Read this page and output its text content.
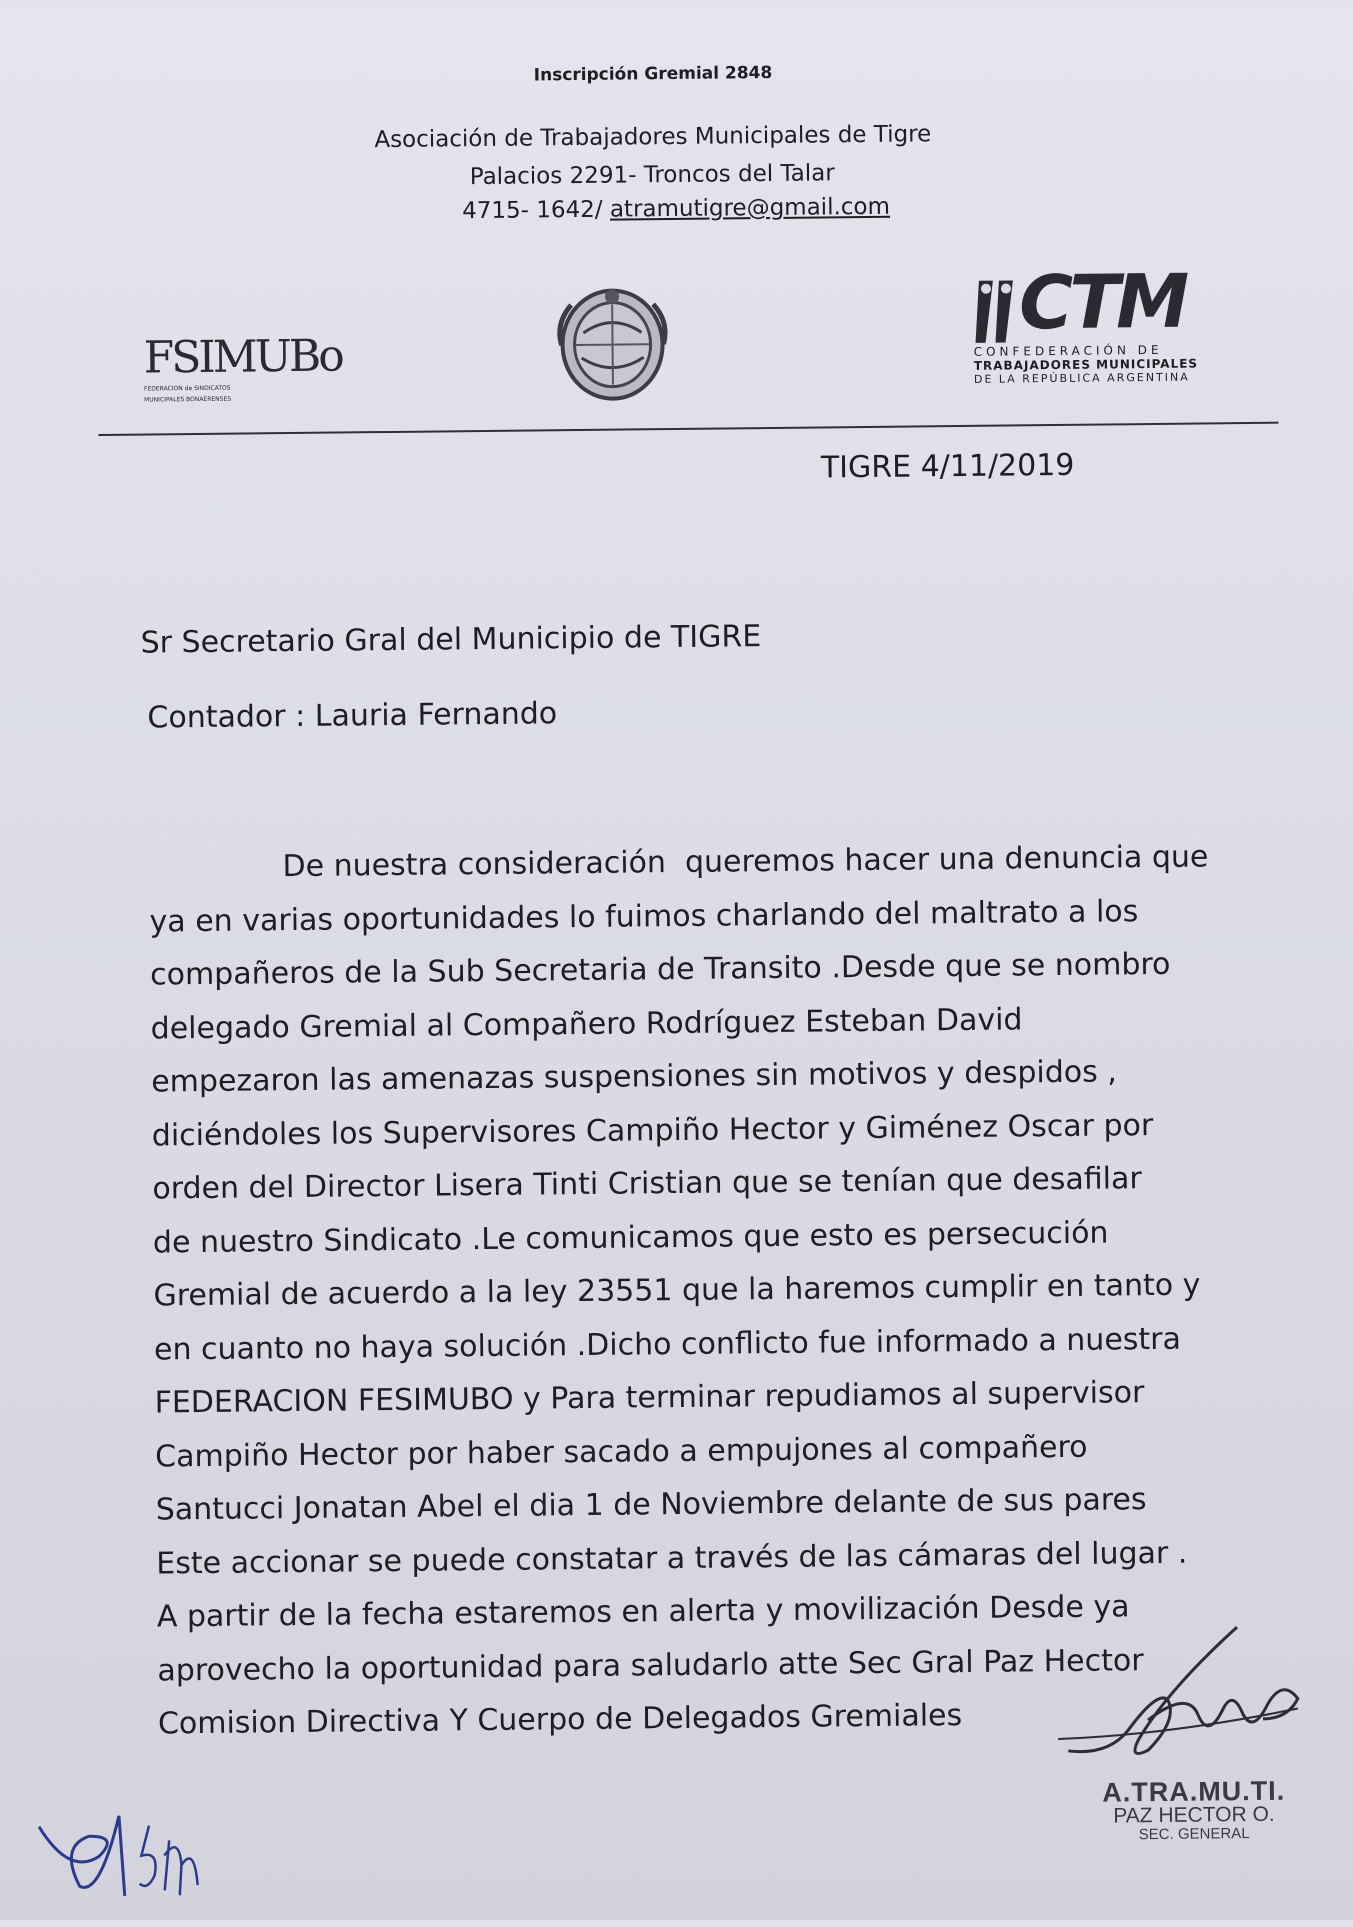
Inscripción Gremial 2848
Asociación de Trabajadores Municipales de Tigre
Palacios 2291- Troncos del Talar
4715- 1642/ atramutigre@gmail.com
FSIMUBo
FEDERACION de SINDICATOS
MUNICIPALES BONAERENSES
CTM
CONFEDERACIÓN DE
TRABAJADORES MUNICIPALES
DE LA REPÚBLICA ARGENTINA
TIGRE 4/11/2019
Sr Secretario Gral del Municipio de TIGRE
Contador : Lauria Fernando
De nuestra consideración  queremos hacer una denuncia que
ya en varias oportunidades lo fuimos charlando del maltrato a los
compañeros de la Sub Secretaria de Transito .Desde que se nombro
delegado Gremial al Compañero Rodríguez Esteban David
empezaron las amenazas suspensiones sin motivos y despidos ,
diciéndoles los Supervisores Campiño Hector y Giménez Oscar por
orden del Director Lisera Tinti Cristian que se tenían que desafilar
de nuestro Sindicato .Le comunicamos que esto es persecución
Gremial de acuerdo a la ley 23551 que la haremos cumplir en tanto y
en cuanto no haya solución .Dicho conflicto fue informado a nuestra
FEDERACION FESIMUBO y Para terminar repudiamos al supervisor
Campiño Hector por haber sacado a empujones al compañero
Santucci Jonatan Abel el dia 1 de Noviembre delante de sus pares
Este accionar se puede constatar a través de las cámaras del lugar .
A partir de la fecha estaremos en alerta y movilización Desde ya
aprovecho la oportunidad para saludarlo atte Sec Gral Paz Hector
Comision Directiva Y Cuerpo de Delegados Gremiales
A.TRA.MU.TI.
PAZ HECTOR O.
SEC. GENERAL
